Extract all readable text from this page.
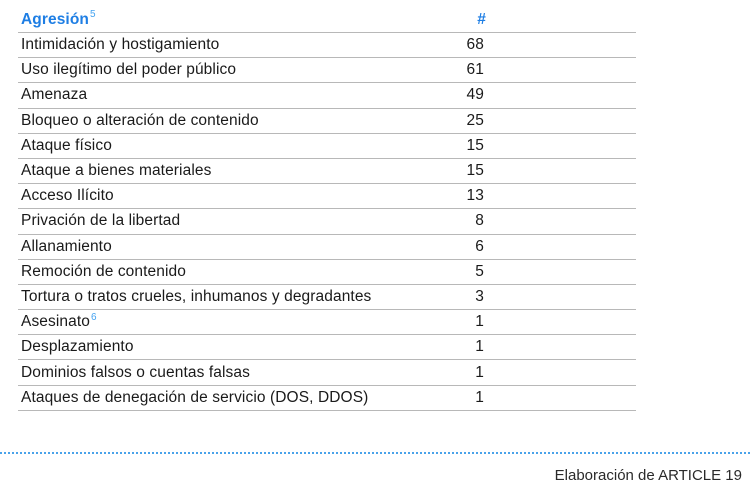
Agresión$^5$	#
Intimidación y hostigamiento	68
Uso ilegítimo del poder público	61
Amenaza	49
Bloqueo o alteración de contenido	25
Ataque físico	15
Ataque a bienes materiales	15
Acceso Ilícito	13
Privación de la libertad	8
Allanamiento	6
Remoción de contenido	5
Tortura o tratos crueles, inhumanos y degradantes	3
Asesinato$^6$	1
Desplazamiento	1
Dominios falsos o cuentas falsas	1
Ataques de denegación de servicio (DOS, DDOS)	1
Elaboración de ARTICLE 19
